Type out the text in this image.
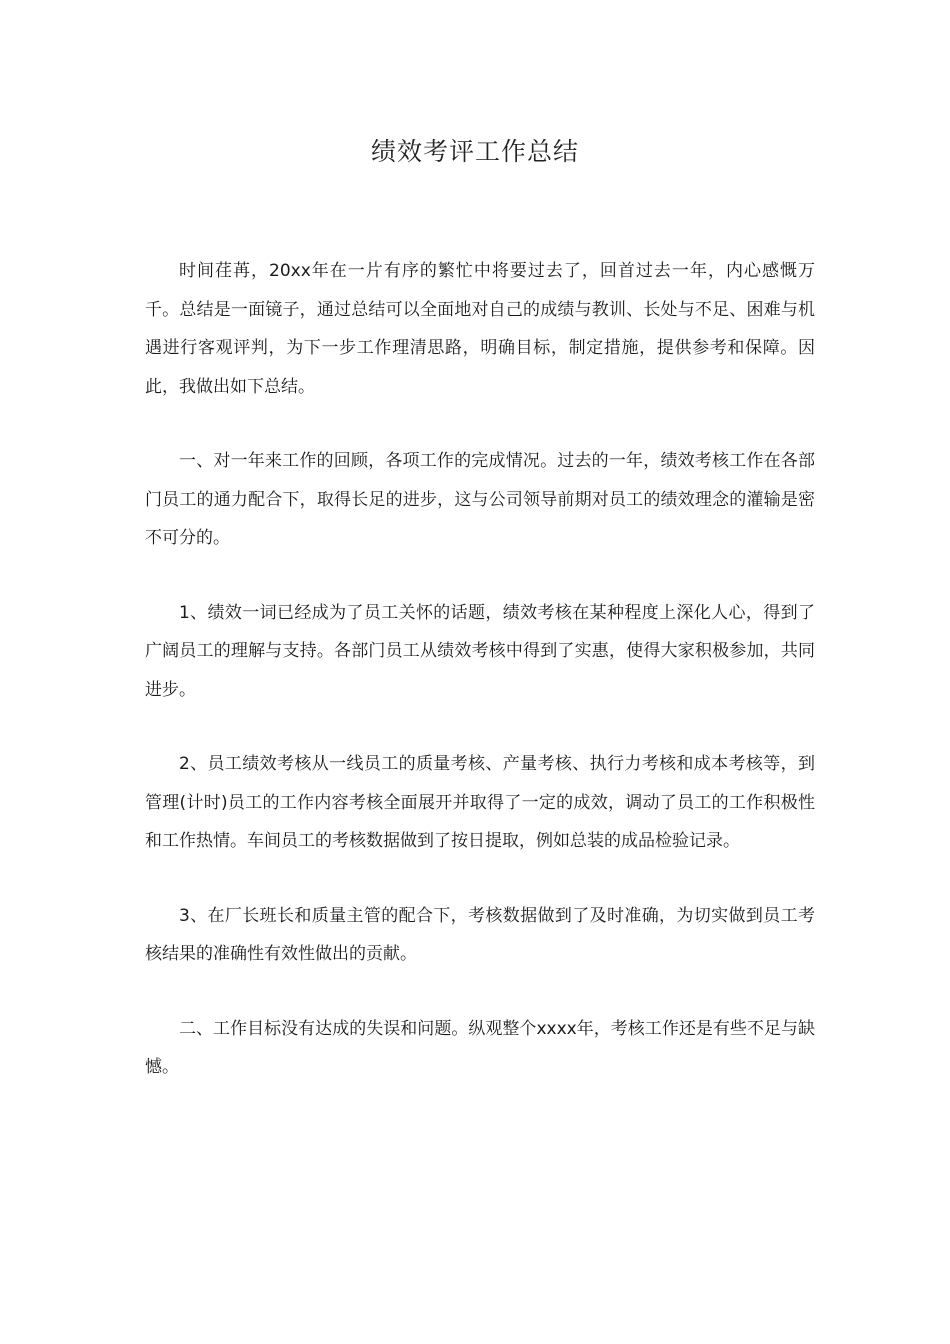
绩效考评工作总结

时间荏苒，20xx年在一片有序的繁忙中将要过去了，回首过去一年，内心感慨万千。总结是一面镜子，通过总结可以全面地对自己的成绩与教训、长处与不足、困难与机遇进行客观评判，为下一步工作理清思路，明确目标，制定措施，提供参考和保障。因此，我做出如下总结。

一、对一年来工作的回顾，各项工作的完成情况。过去的一年，绩效考核工作在各部门员工的通力配合下，取得长足的进步，这与公司领导前期对员工的绩效理念的灌输是密不可分的。

1、绩效一词已经成为了员工关怀的话题，绩效考核在某种程度上深化人心，得到了广阔员工的理解与支持。各部门员工从绩效考核中得到了实惠，使得大家积极参加，共同进步。

2、员工绩效考核从一线员工的质量考核、产量考核、执行力考核和成本考核等，到管理(计时)员工的工作内容考核全面展开并取得了一定的成效，调动了员工的工作积极性和工作热情。车间员工的考核数据做到了按日提取，例如总装的成品检验记录。

3、在厂长班长和质量主管的配合下，考核数据做到了及时准确，为切实做到员工考核结果的准确性有效性做出的贡献。

二、工作目标没有达成的失误和问题。纵观整个xxxx年，考核工作还是有些不足与缺憾。
